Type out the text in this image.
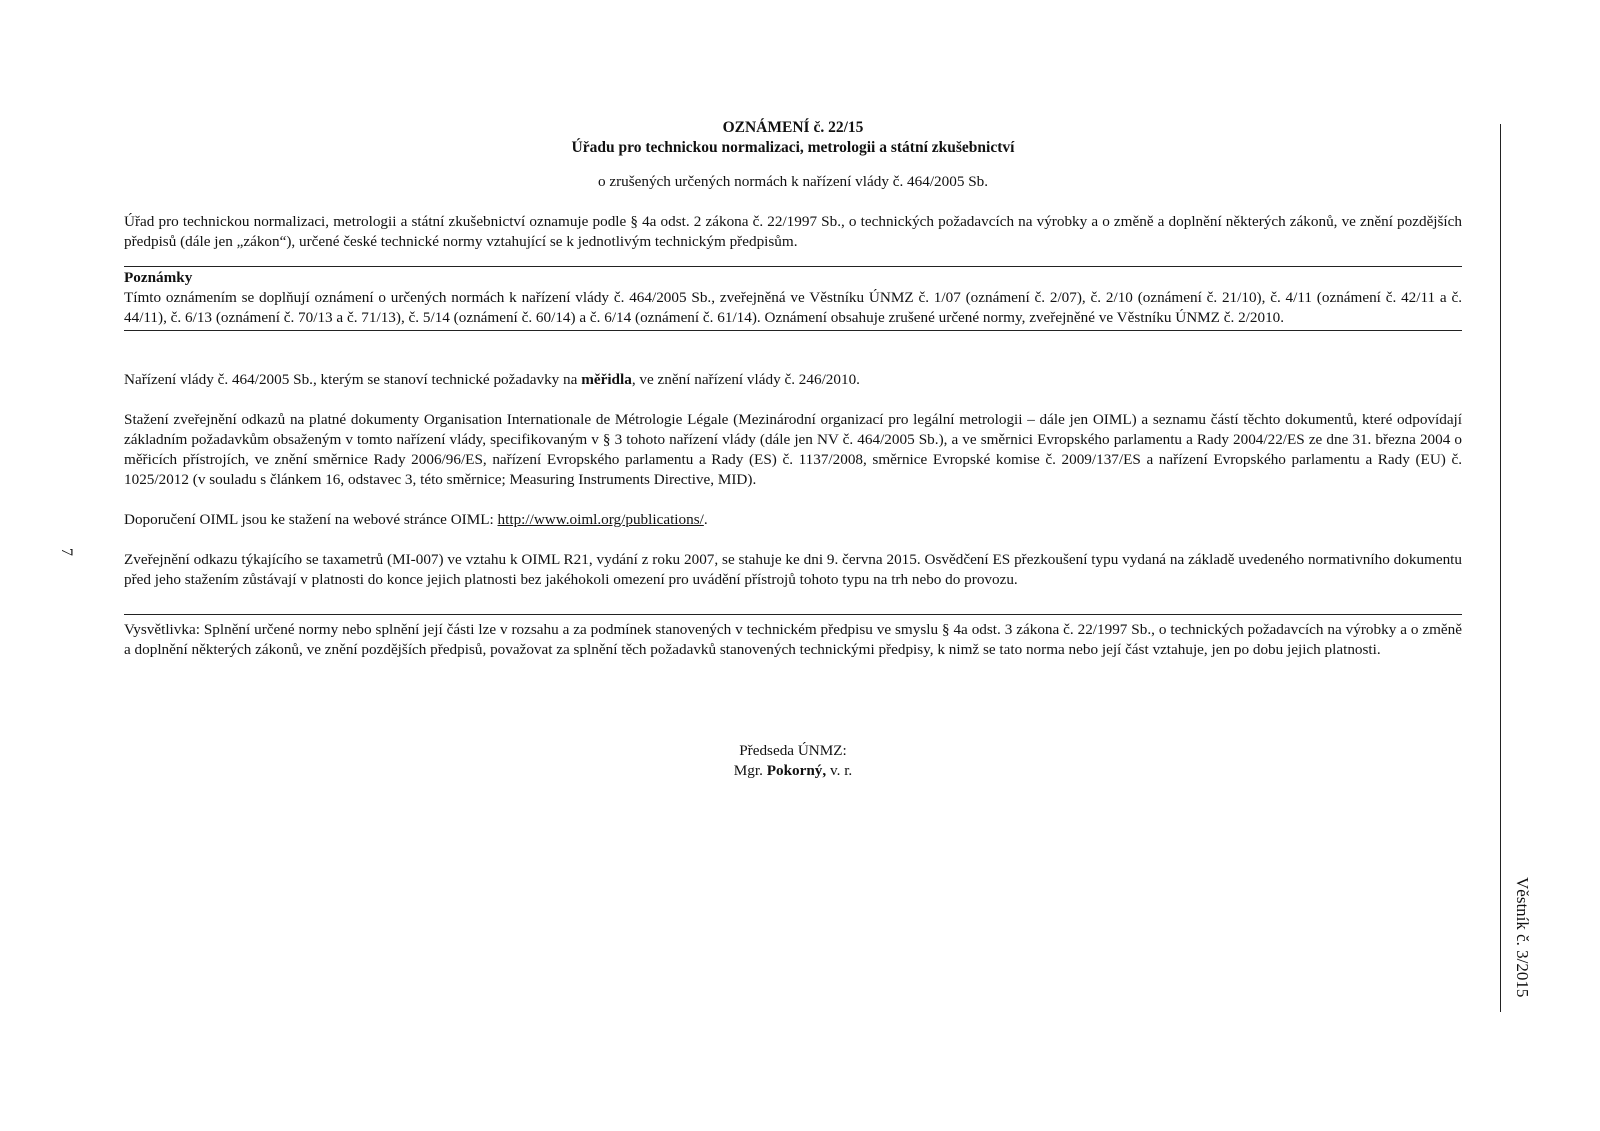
7
OZNÁMENÍ č. 22/15
Úřadu pro technickou normalizaci, metrologii a státní zkušebnictví
o zrušených určených normách k nařízení vlády č. 464/2005 Sb.

Úřad pro technickou normalizaci, metrologii a státní zkušebnictví oznamuje podle § 4a odst. 2 zákona č. 22/1997 Sb., o technických požadavcích na výrobky a o změně a doplnění některých zákonů, ve znění pozdějších předpisů (dále jen „zákon“), určené české technické normy vztahující se k jednotlivým technickým předpisům.

Poznámky

Tímto oznámením se doplňují oznámení o určených normách k nařízení vlády č. 464/2005 Sb., zveřejněná ve Věstníku ÚNMZ č. 1/07 (oznámení č. 2/07), č. 2/10 (oznámení č. 21/10), č. 4/11 (oznámení č. 42/11 a č. 44/11), č. 6/13 (oznámení č. 70/13 a č. 71/13), č. 5/14 (oznámení č. 60/14) a č. 6/14 (oznámení č. 61/14). Oznámení obsahuje zrušené určené normy, zveřejněné ve Věstníku ÚNMZ č. 2/2010.

Nařízení vlády č. 464/2005 Sb., kterým se stanoví technické požadavky na měřidla, ve znění nařízení vlády č. 246/2010.

Stažení zveřejnění odkazů na platné dokumenty Organisation Internationale de Métrologie Légale (Mezinárodní organizací pro legální metrologii – dále jen OIML) a seznamu částí těchto dokumentů, které odpovídají základním požadavkům obsaženým v tomto nařízení vlády, specifikovaným v § 3 tohoto nařízení vlády (dále jen NV č. 464/2005 Sb.), a ve směrnici Evropského parlamentu a Rady 2004/22/ES ze dne 31. března 2004 o měřicích přístrojích, ve znění směrnice Rady 2006/96/ES, nařízení Evropského parlamentu a Rady (ES) č. 1137/2008, směrnice Evropské komise č. 2009/137/ES a nařízení Evropského parlamentu a Rady (EU) č. 1025/2012 (v souladu s článkem 16, odstavec 3, této směrnice; Measuring Instruments Directive, MID).

Doporučení OIML jsou ke stažení na webové stránce OIML: http://www.oiml.org/publications/.

Zveřejnění odkazu týkajícího se taxametrů (MI-007) ve vztahu k OIML R21, vydání z roku 2007, se stahuje ke dni 9. června 2015. Osvědčení ES přezkoušení typu vydaná na základě uvedeného normativního dokumentu před jeho stažením zůstávají v platnosti do konce jejich platnosti bez jakéhokoli omezení pro uvádění přístrojů tohoto typu na trh nebo do provozu.

Vysvětlivka: Splnění určené normy nebo splnění její části lze v rozsahu a za podmínek stanovených v technickém předpisu ve smyslu § 4a odst. 3 zákona č. 22/1997 Sb., o technických požadavcích na výrobky a o změně a doplnění některých zákonů, ve znění pozdějších předpisů, považovat za splnění těch požadavků stanovených technickými předpisy, k nimž se tato norma nebo její část vztahuje, jen po dobu jejich platnosti.

Předseda ÚNMZ:
Mgr. Pokorný, v. r.
Věstník č. 3/2015
